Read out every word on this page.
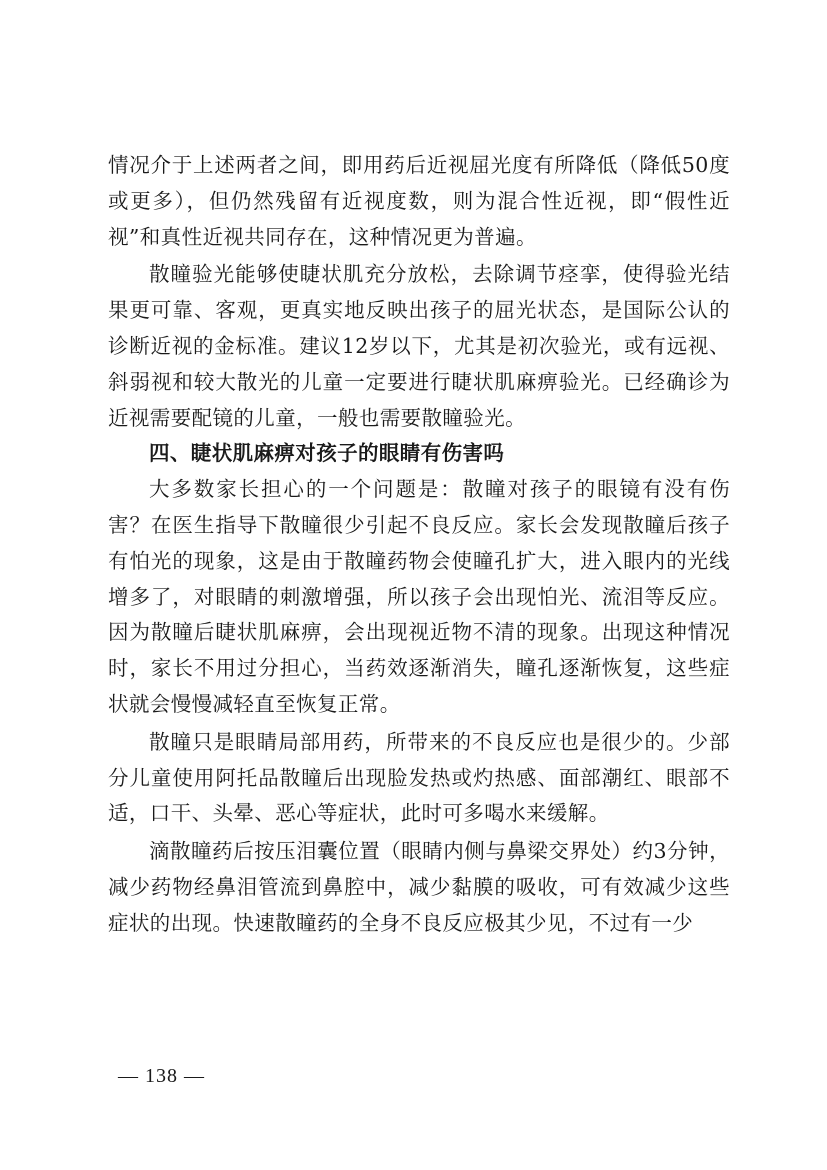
情况介于上述两者之间，即用药后近视屈光度有所降低（降低50度或更多），但仍然残留有近视度数，则为混合性近视，即“假性近视”和真性近视共同存在，这种情况更为普遍。

散瞳验光能够使睫状肌充分放松，去除调节痉挛，使得验光结果更可靠、客观，更真实地反映出孩子的屈光状态，是国际公认的诊断近视的金标准。建议12岁以下，尤其是初次验光，或有远视、斜弱视和较大散光的儿童一定要进行睫状肌麻痹验光。已经确诊为近视需要配镜的儿童，一般也需要散瞳验光。

四、睫状肌麻痹对孩子的眼睛有伤害吗

大多数家长担心的一个问题是：散瞳对孩子的眼镜有没有伤害？在医生指导下散瞳很少引起不良反应。家长会发现散瞳后孩子有怕光的现象，这是由于散瞳药物会使瞳孔扩大，进入眼内的光线增多了，对眼睛的刺激增强，所以孩子会出现怕光、流泪等反应。因为散瞳后睫状肌麻痹，会出现视近物不清的现象。出现这种情况时，家长不用过分担心，当药效逐渐消失，瞳孔逐渐恢复，这些症状就会慢慢减轻直至恢复正常。

散瞳只是眼睛局部用药，所带来的不良反应也是很少的。少部分儿童使用阿托品散瞳后出现脸发热或灼热感、面部潮红、眼部不适，口干、头晕、恶心等症状，此时可多喝水来缓解。

滴散瞳药后按压泪囊位置（眼睛内侧与鼻梁交界处）约3分钟，减少药物经鼻泪管流到鼻腔中，减少黏膜的吸收，可有效减少这些症状的出现。快速散瞳药的全身不良反应极其少见，不过有一少

— 138 —
